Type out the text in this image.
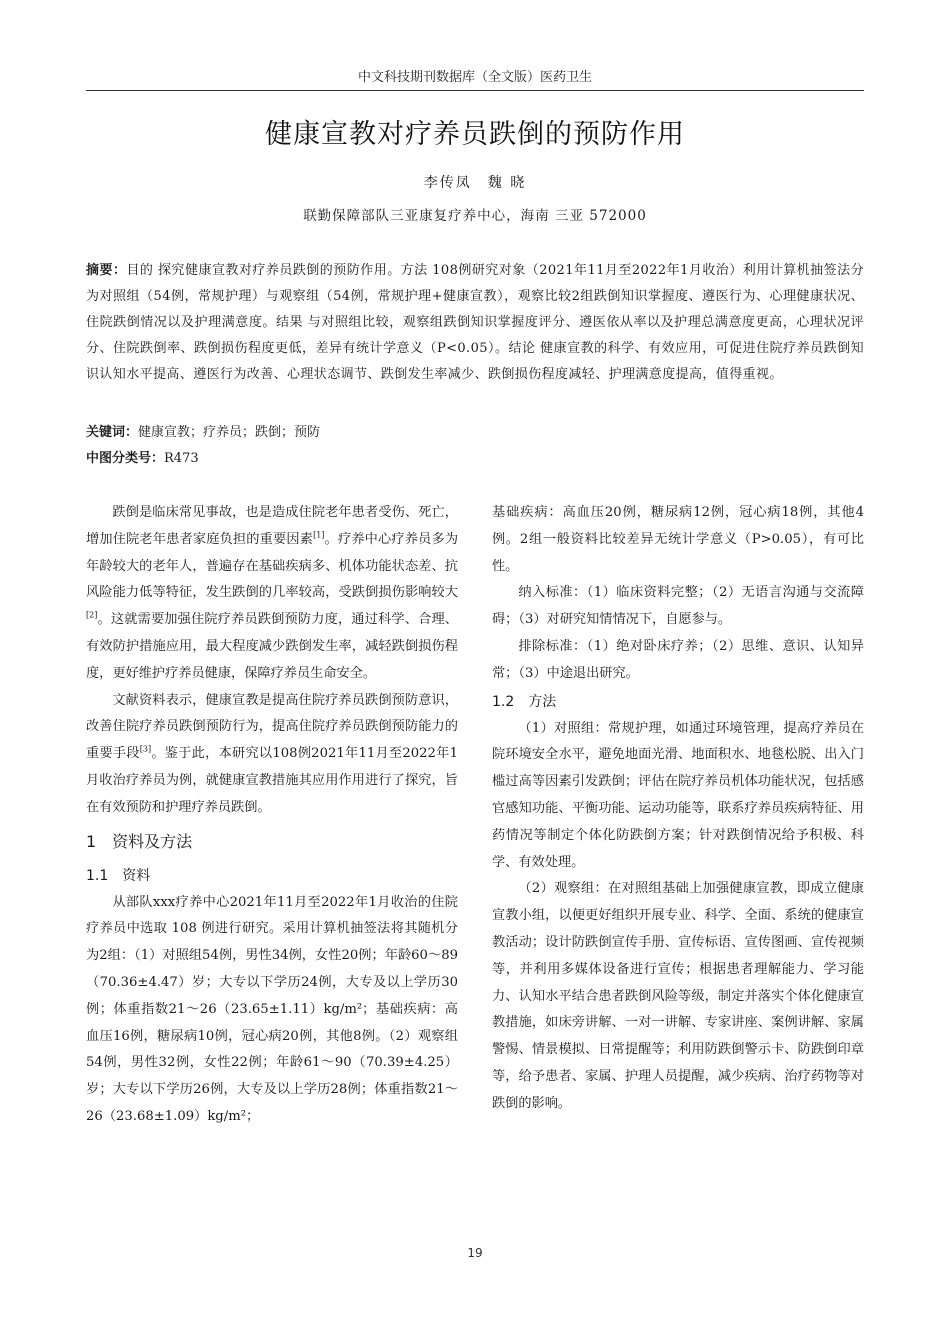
中文科技期刊数据库（全文版）医药卫生
健康宣教对疗养员跌倒的预防作用
李传凤　魏 晓
联勤保障部队三亚康复疗养中心，海南 三亚 572000
摘要：目的 探究健康宣教对疗养员跌倒的预防作用。方法 108例研究对象（2021年11月至2022年1月收治）利用计算机抽签法分为对照组（54例，常规护理）与观察组（54例，常规护理+健康宣教），观察比较2组跌倒知识掌握度、遵医行为、心理健康状况、住院跌倒情况以及护理满意度。结果 与对照组比较，观察组跌倒知识掌握度评分、遵医依从率以及护理总满意度更高，心理状况评分、住院跌倒率、跌倒损伤程度更低，差异有统计学意义（P<0.05）。结论 健康宣教的科学、有效应用，可促进住院疗养员跌倒知识认知水平提高、遵医行为改善、心理状态调节、跌倒发生率减少、跌倒损伤程度减轻、护理满意度提高，值得重视。
关键词：健康宣教；疗养员；跌倒；预防
中图分类号：R473

跌倒是临床常见事故，也是造成住院老年患者受伤、死亡，增加住院老年患者家庭负担的重要因素[1]。疗养中心疗养员多为年龄较大的老年人，普遍存在基础疾病多、机体功能状态差、抗风险能力低等特征，发生跌倒的几率较高，受跌倒损伤影响较大[2]。这就需要加强住院疗养员跌倒预防力度，通过科学、合理、有效防护措施应用，最大程度减少跌倒发生率，减轻跌倒损伤程度，更好维护疗养员健康，保障疗养员生命安全。

文献资料表示，健康宣教是提高住院疗养员跌倒预防意识，改善住院疗养员跌倒预防行为，提高住院疗养员跌倒预防能力的重要手段[3]。鉴于此，本研究以108例2021年11月至2022年1月收治疗养员为例，就健康宣教措施其应用作用进行了探究，旨在有效预防和护理疗养员跌倒。

1　资料及方法
1.1　资料

从部队xxx疗养中心2021年11月至2022年1月收治的住院疗养员中选取 108 例进行研究。采用计算机抽签法将其随机分为2组：（1）对照组54例，男性34例，女性20例；年龄60～89（70.36±4.47）岁；大专以下学历24例，大专及以上学历30例；体重指数21～26（23.65±1.11）kg/m²；基础疾病：高血压16例，糖尿病10例，冠心病20例，其他8例。（2）观察组54例，男性32例，女性22例；年龄61～90（70.39±4.25）岁；大专以下学历26例，大专及以上学历28例；体重指数21～26（23.68±1.09）kg/m²；

基础疾病：高血压20例，糖尿病12例，冠心病18例，其他4例。2组一般资料比较差异无统计学意义（P>0.05），有可比性。

纳入标准：（1）临床资料完整；（2）无语言沟通与交流障碍；（3）对研究知情情况下，自愿参与。

排除标准：（1）绝对卧床疗养；（2）思维、意识、认知异常；（3）中途退出研究。

1.2　方法

（1）对照组：常规护理，如通过环境管理，提高疗养员在院环境安全水平，避免地面光滑、地面积水、地毯松脱、出入门槛过高等因素引发跌倒；评估在院疗养员机体功能状况，包括感官感知功能、平衡功能、运动功能等，联系疗养员疾病特征、用药情况等制定个体化防跌倒方案；针对跌倒情况给予积极、科学、有效处理。

（2）观察组：在对照组基础上加强健康宣教，即成立健康宣教小组，以便更好组织开展专业、科学、全面、系统的健康宣教活动；设计防跌倒宣传手册、宣传标语、宣传图画、宣传视频等，并利用多媒体设备进行宣传；根据患者理解能力、学习能力、认知水平结合患者跌倒风险等级，制定并落实个体化健康宣教措施，如床旁讲解、一对一讲解、专家讲座、案例讲解、家属警惕、情景模拟、日常提醒等；利用防跌倒警示卡、防跌倒印章等，给予患者、家属、护理人员提醒，减少疾病、治疗药物等对跌倒的影响。

19
